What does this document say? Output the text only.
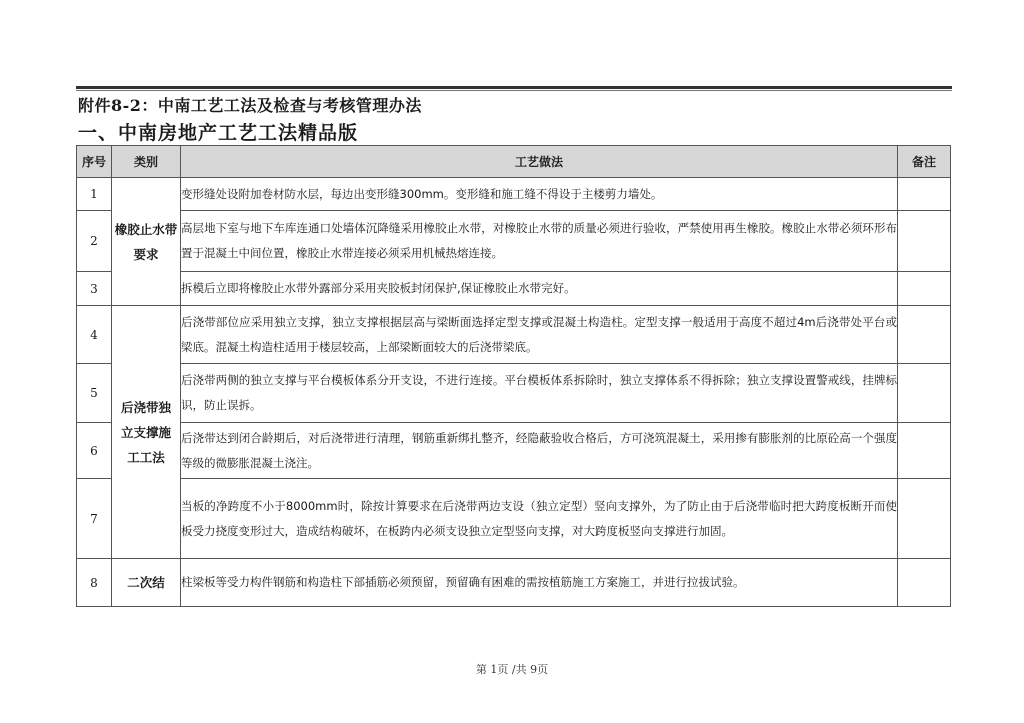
附件8-2：中南工艺工法及检查与考核管理办法
一、中南房地产工艺工法精品版
序号	类别	工艺做法	备注
1	橡胶止水带要求	变形缝处设附加卷材防水层，每边出变形缝300mm。变形缝和施工缝不得设于主楼剪力墙处。	
2		高层地下室与地下车库连通口处墙体沉降缝采用橡胶止水带，对橡胶止水带的质量必须进行验收，严禁使用再生橡胶。橡胶止水带必须环形布置于混凝土中间位置，橡胶止水带连接必须采用机械热熔连接。	
3		拆模后立即将橡胶止水带外露部分采用夹胶板封闭保护,保证橡胶止水带完好。	
4	后浇带独立支撑施工工法	后浇带部位应采用独立支撑，独立支撑根据层高与梁断面选择定型支撑或混凝土构造柱。定型支撑一般适用于高度不超过4m后浇带处平台或梁底。混凝土构造柱适用于楼层较高，上部梁断面较大的后浇带梁底。	
5		后浇带两侧的独立支撑与平台模板体系分开支设，不进行连接。平台模板体系拆除时，独立支撑体系不得拆除；独立支撑设置警戒线，挂牌标识，防止误拆。	
6		后浇带达到闭合龄期后，对后浇带进行清理，钢筋重新绑扎整齐，经隐蔽验收合格后，方可浇筑混凝土，采用掺有膨胀剂的比原砼高一个强度等级的微膨胀混凝土浇注。	
7		当板的净跨度不小于8000mm时，除按计算要求在后浇带两边支设（独立定型）竖向支撑外，为了防止由于后浇带临时把大跨度板断开而使板受力挠度变形过大，造成结构破坏，在板跨内必须支设独立定型竖向支撑，对大跨度板竖向支撑进行加固。	
8	二次结	柱梁板等受力构件钢筋和构造柱下部插筋必须预留，预留确有困难的需按植筋施工方案施工，并进行拉拔试验。	
第 1页 /共 9页
